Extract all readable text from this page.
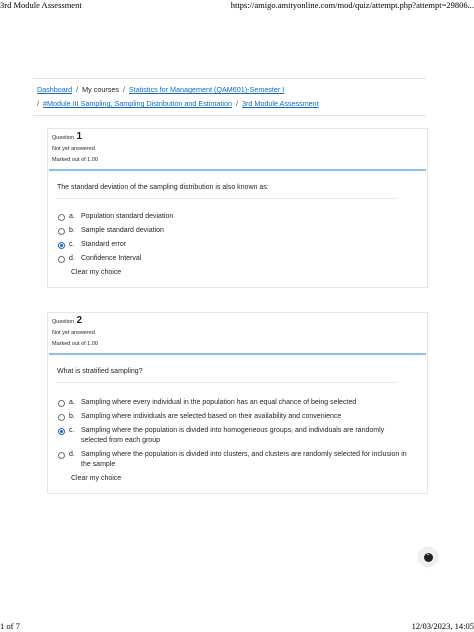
3rd Module Assessment	https://amigo.amityonline.com/mod/quiz/attempt.php?attempt=29806...
Dashboard / My courses / Statistics for Management (QAM601)-Semester I
/ #Module III Sampling, Sampling Distribution and Estimation / 3rd Module Assessment
Question 1
Not yet answered
Marked out of 1.00
The standard deviation of the sampling distribution is also known as:
a. Population standard deviation
b. Sample standard deviation
c. Standard error
d. Confidence Interval
Clear my choice
Question 2
Not yet answered
Marked out of 1.00
What is stratified sampling?
a. Sampling where every individual in the population has an equal chance of being selected
b. Sampling where individuals are selected based on their availability and convenience
c. Sampling where the population is divided into homogeneous groups, and individuals are randomly selected from each group
d. Sampling where the population is divided into clusters, and clusters are randomly selected for inclusion in the sample
Clear my choice
⌃
1 of 7	12/03/2023, 14:05
